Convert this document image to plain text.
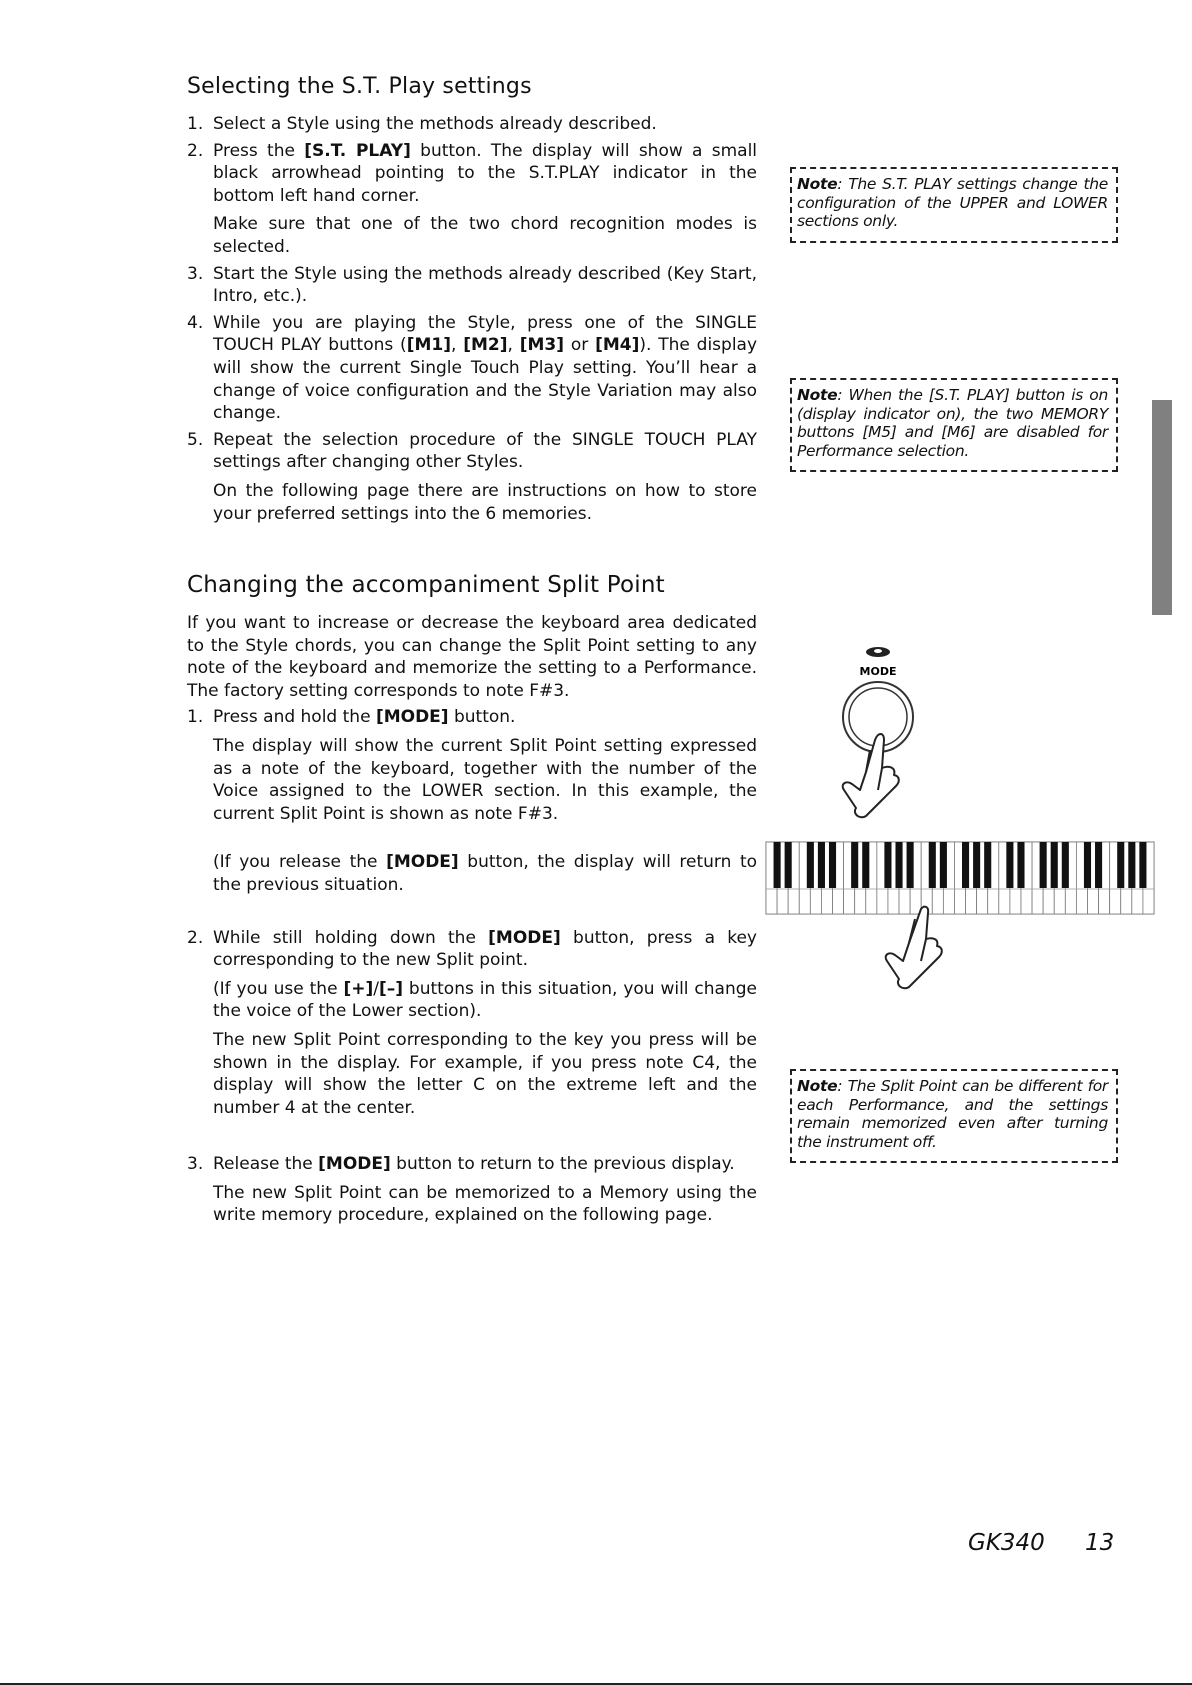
Selecting the S.T. Play settings
1. Select a Style using the methods already described.

2. Press the [S.T. PLAY] button. The display will show a small black arrowhead pointing to the S.T.PLAY indicator in the bottom left hand corner.

Make sure that one of the two chord recognition modes is selected.

3. Start the Style using the methods already described (Key Start, Intro, etc.).

4. While you are playing the Style, press one of the SINGLE TOUCH PLAY buttons ([M1], [M2], [M3] or [M4]). The display will show the current Single Touch Play setting. You’ll hear a change of voice configuration and the Style Variation may also change.

5. Repeat the selection procedure of the SINGLE TOUCH PLAY settings after changing other Styles.

On the following page there are instructions on how to store your preferred settings into the 6 memories.

Changing the accompaniment Split Point

If you want to increase or decrease the keyboard area dedicated to the Style chords, you can change the Split Point setting to any note of the keyboard and memorize the setting to a Performance. The factory setting corresponds to note F#3.

1. Press and hold the [MODE] button.

The display will show the current Split Point setting expressed as a note of the keyboard, together with the number of the Voice assigned to the LOWER section. In this example, the current Split Point is shown as note F#3.

(If you release the [MODE] button, the display will return to the previous situation.

2. While still holding down the [MODE] button, press a key corresponding to the new Split point.

(If you use the [+]/[–] buttons in this situation, you will change the voice of the Lower section).

The new Split Point corresponding to the key you press will be shown in the display. For example, if you press note C4, the display will show the letter C on the extreme left and the number 4 at the center.

3. Release the [MODE] button to return to the previous display.

The new Split Point can be memorized to a Memory using the write memory procedure, explained on the following page.

Note: The S.T. PLAY settings change the configuration of the UPPER and LOWER sections only.
Note: When the [S.T. PLAY] button is on (display indicator on), the two MEMORY buttons [M5] and [M6] are disabled for Performance selection.
Note: The Split Point can be different for each Performance, and the settings remain memorized even after turning the instrument off.
MODE
GK340 13
